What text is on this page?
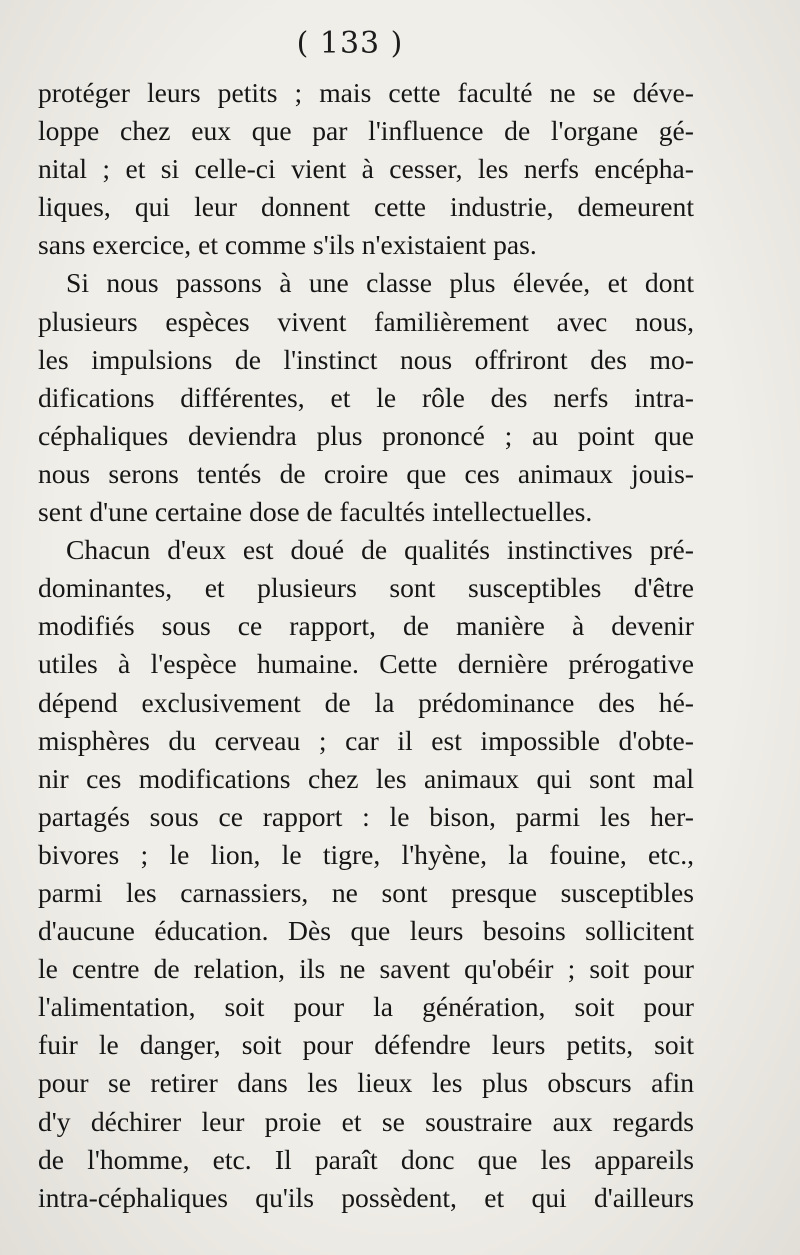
( 133 )
protéger leurs petits ; mais cette faculté ne se déve-
loppe chez eux que par l'influence de l'organe gé-
nital ; et si celle-ci vient à cesser, les nerfs encépha-
liques, qui leur donnent cette industrie, demeurent
sans exercice, et comme s'ils n'existaient pas.
Si nous passons à une classe plus élevée, et dont
plusieurs espèces vivent familièrement avec nous,
les impulsions de l'instinct nous offriront des mo-
difications différentes, et le rôle des nerfs intra-
céphaliques deviendra plus prononcé ; au point que
nous serons tentés de croire que ces animaux jouis-
sent d'une certaine dose de facultés intellectuelles.
Chacun d'eux est doué de qualités instinctives pré-
dominantes, et plusieurs sont susceptibles d'être
modifiés sous ce rapport, de manière à devenir
utiles à l'espèce humaine. Cette dernière prérogative
dépend exclusivement de la prédominance des hé-
misphères du cerveau ; car il est impossible d'obte-
nir ces modifications chez les animaux qui sont mal
partagés sous ce rapport : le bison, parmi les her-
bivores ; le lion, le tigre, l'hyène, la fouine, etc.,
parmi les carnassiers, ne sont presque susceptibles
d'aucune éducation. Dès que leurs besoins sollicitent
le centre de relation, ils ne savent qu'obéir ; soit pour
l'alimentation, soit pour la génération, soit pour
fuir le danger, soit pour défendre leurs petits, soit
pour se retirer dans les lieux les plus obscurs afin
d'y déchirer leur proie et se soustraire aux regards
de l'homme, etc. Il paraît donc que les appareils
intra-céphaliques qu'ils possèdent, et qui d'ailleurs
